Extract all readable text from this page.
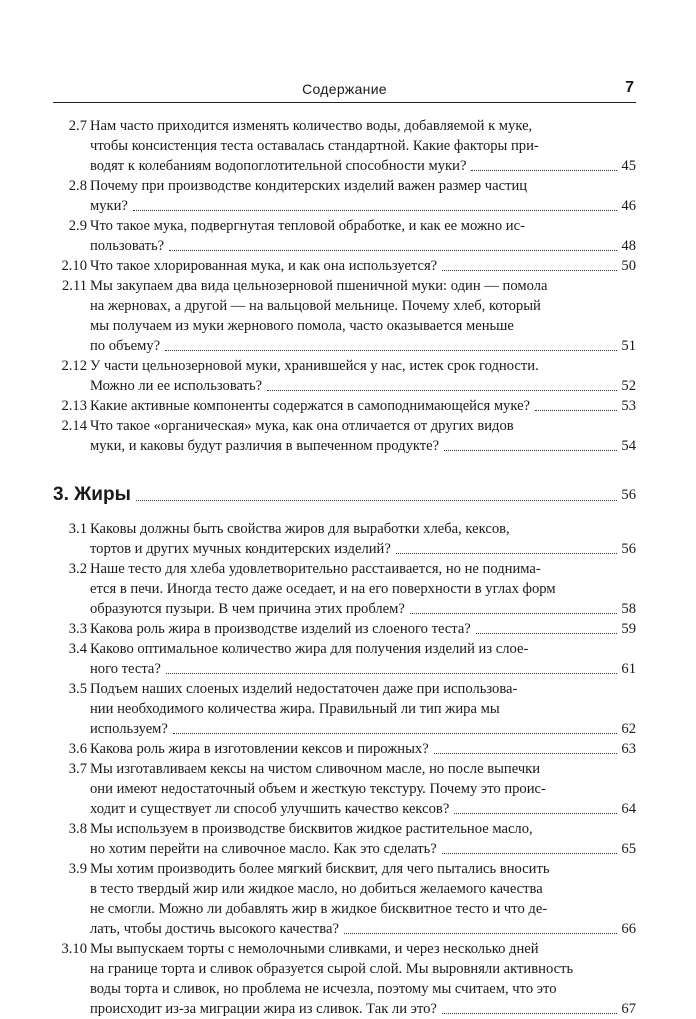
Содержание	7
2.7 Нам часто приходится изменять количество воды, добавляемой к муке,
чтобы консистенция теста оставалась стандартной. Какие факторы при-
водят к колебаниям водопоглотительной способности муки?	45
2.8 Почему при производстве кондитерских изделий важен размер частиц
муки?	46
2.9 Что такое мука, подвергнутая тепловой обработке, и как ее можно ис-
пользовать?	48
2.10 Что такое хлорированная мука, и как она используется?	50
2.11 Мы закупаем два вида цельнозерновой пшеничной муки: один — помола
на жерновах, а другой — на вальцовой мельнице. Почему хлеб, который
мы получаем из муки жернового помола, часто оказывается меньше
по объему?	51
2.12 У части цельнозерновой муки, хранившейся у нас, истек срок годности.
Можно ли ее использовать?	52
2.13 Какие активные компоненты содержатся в самоподнимающейся муке?	53
2.14 Что такое «органическая» мука, как она отличается от других видов
муки, и каковы будут различия в выпеченном продукте?	54
3. Жиры	56
3.1 Каковы должны быть свойства жиров для выработки хлеба, кексов,
тортов и других мучных кондитерских изделий?	56
3.2 Наше тесто для хлеба удовлетворительно расстаивается, но не поднима-
ется в печи. Иногда тесто даже оседает, и на его поверхности в углах форм
образуются пузыри. В чем причина этих проблем?	58
3.3 Какова роль жира в производстве изделий из слоеного теста?	59
3.4 Каково оптимальное количество жира для получения изделий из слое-
ного теста?	61
3.5 Подъем наших слоеных изделий недостаточен даже при использова-
нии необходимого количества жира. Правильный ли тип жира мы
используем?	62
3.6 Какова роль жира в изготовлении кексов и пирожных?	63
3.7 Мы изготавливаем кексы на чистом сливочном масле, но после выпечки
они имеют недостаточный объем и жесткую текстуру. Почему это проис-
ходит и существует ли способ улучшить качество кексов?	64
3.8 Мы используем в производстве бисквитов жидкое растительное масло,
но хотим перейти на сливочное масло. Как это сделать?	65
3.9 Мы хотим производить более мягкий бисквит, для чего пытались вносить
в тесто твердый жир или жидкое масло, но добиться желаемого качества
не смогли. Можно ли добавлять жир в жидкое бисквитное тесто и что де-
лать, чтобы достичь высокого качества?	66
3.10 Мы выпускаем торты с немолочными сливками, и через несколько дней
на границе торта и сливок образуется сырой слой. Мы выровняли активность
воды торта и сливок, но проблема не исчезла, поэтому мы считаем, что это
происходит из-за миграции жира из сливок. Так ли это?	67
